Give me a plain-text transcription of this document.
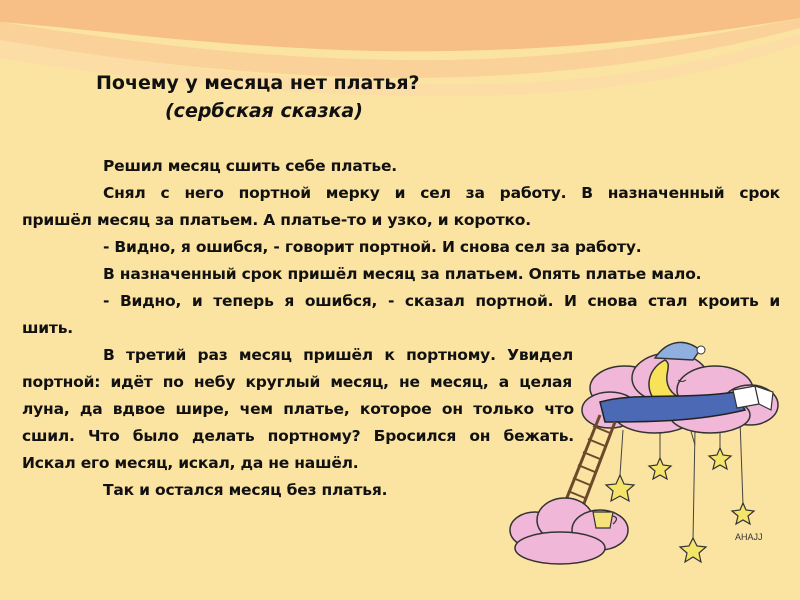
Почему у месяца нет платья?
(сербская сказка)
Решил месяц сшить себе платье.
Снял с него портной мерку и сел за работу. В назначенный срок
пришёл месяц за платьем. А платье-то и узко, и коротко.
- Видно, я ошибся, - говорит портной. И снова сел за работу.
В назначенный срок пришёл месяц за платьем. Опять платье мало.
- Видно, и теперь я ошибся, - сказал портной. И снова стал кроить и
шить.
В третий раз месяц пришёл к портному. Увидел
портной: идёт по небу круглый месяц, не месяц, а целая
луна, да вдвое шире, чем платье, которое он только что
сшил. Что было делать портному? Бросился он бежать.
Искал его месяц, искал, да не нашёл.
Так и остался месяц без платья.
АНАЈЈ
